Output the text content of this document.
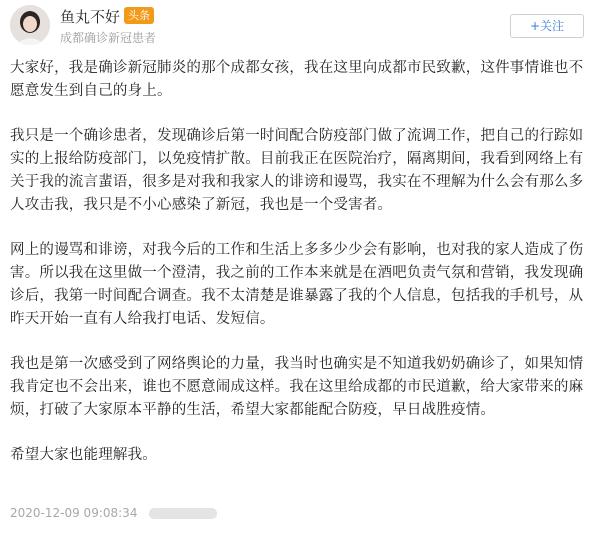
鱼丸不好 头条
成都确诊新冠患者
+关注

大家好，我是确诊新冠肺炎的那个成都女孩，我在这里向成都市民致歉，这件事情谁也不愿意发生到自己的身上。

我只是一个确诊患者，发现确诊后第一时间配合防疫部门做了流调工作，把自己的行踪如实的上报给防疫部门，以免疫情扩散。目前我正在医院治疗，隔离期间，我看到网络上有关于我的流言蜚语，很多是对我和我家人的诽谤和谩骂，我实在不理解为什么会有那么多人攻击我，我只是不小心感染了新冠，我也是一个受害者。

网上的谩骂和诽谤，对我今后的工作和生活上多多少少会有影响，也对我的家人造成了伤害。所以我在这里做一个澄清，我之前的工作本来就是在酒吧负责气氛和营销，我发现确诊后，我第一时间配合调查。我不太清楚是谁暴露了我的个人信息，包括我的手机号，从昨天开始一直有人给我打电话、发短信。

我也是第一次感受到了网络舆论的力量，我当时也确实是不知道我奶奶确诊了，如果知情我肯定也不会出来，谁也不愿意闹成这样。我在这里给成都的市民道歉，给大家带来的麻烦，打破了大家原本平静的生活，希望大家都能配合防疫，早日战胜疫情。

希望大家也能理解我。

2020-12-09 09:08:34
